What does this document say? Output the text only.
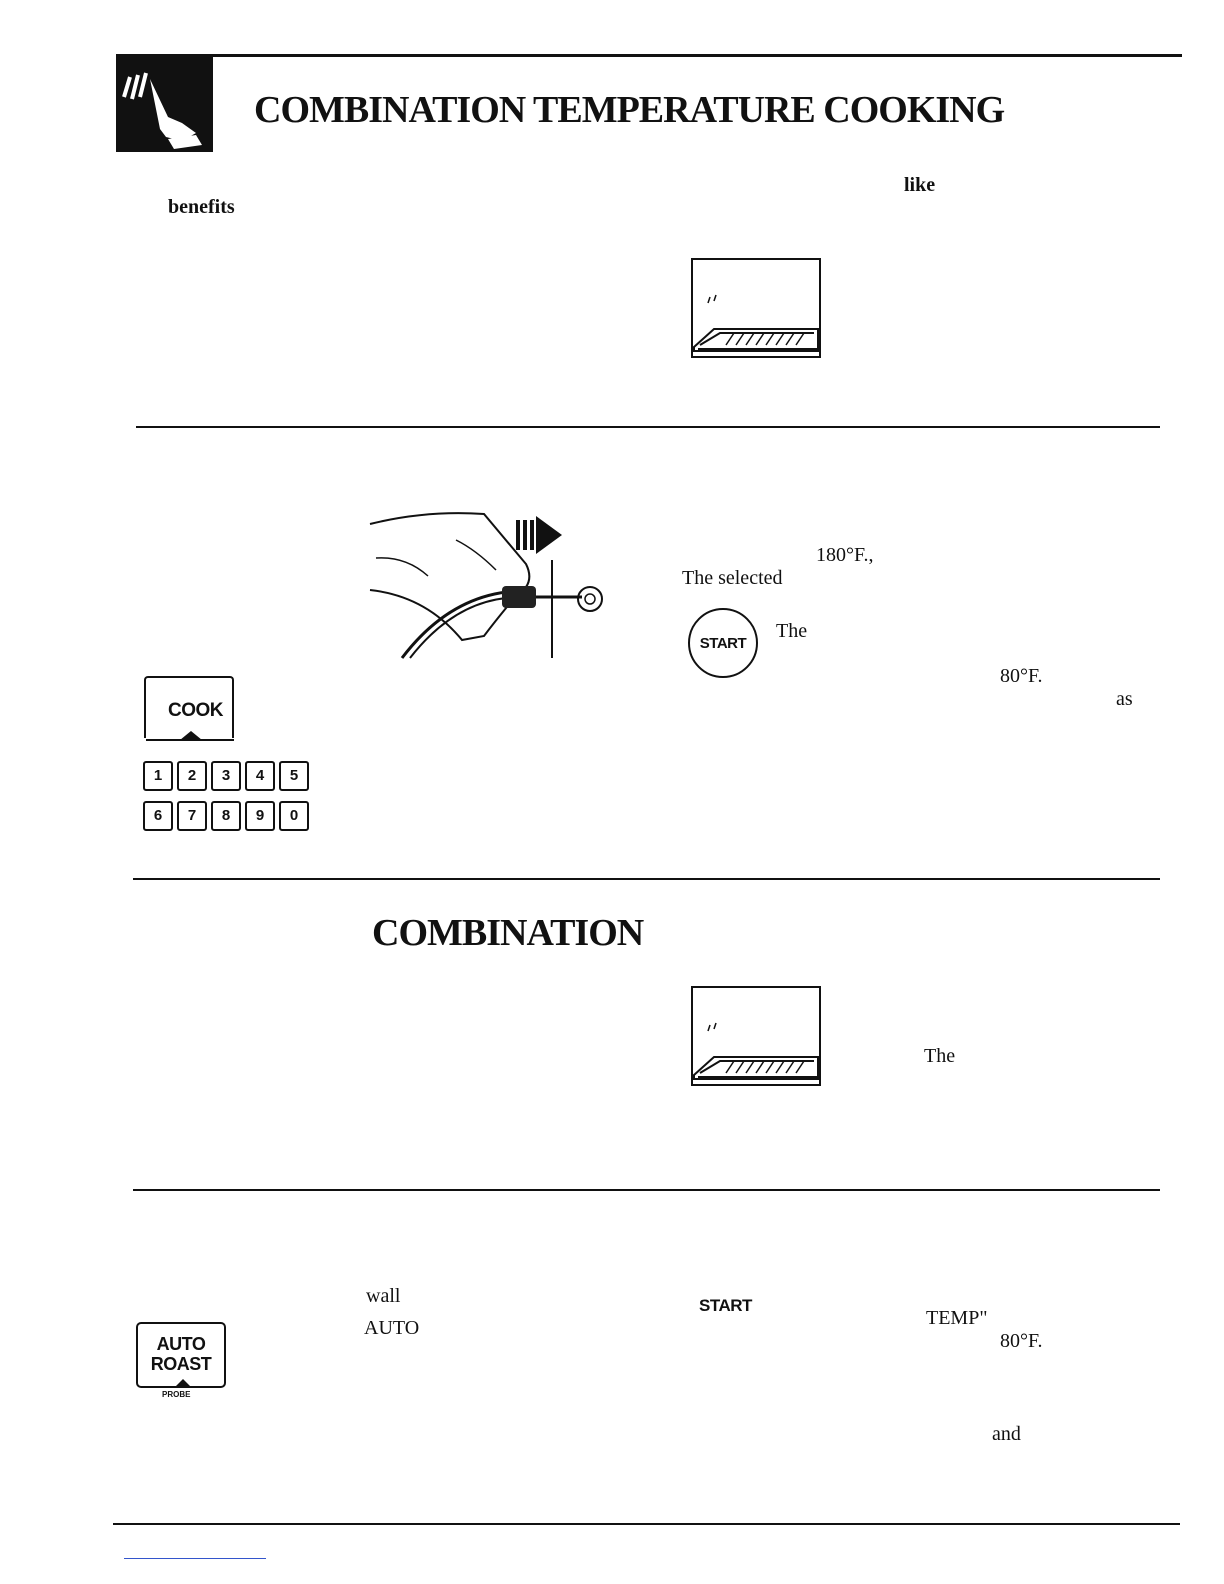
COMBINATION TEMPERATURE COOKING
like
benefits
180°F.,
The selected
START
The
80°F.
as
COOK
1	2	3	4	5
6	7	8	9	0
COMBINATION
The
wall
AUTO
START
TEMP"
80°F.
and
AUTO
ROAST
PROBE
